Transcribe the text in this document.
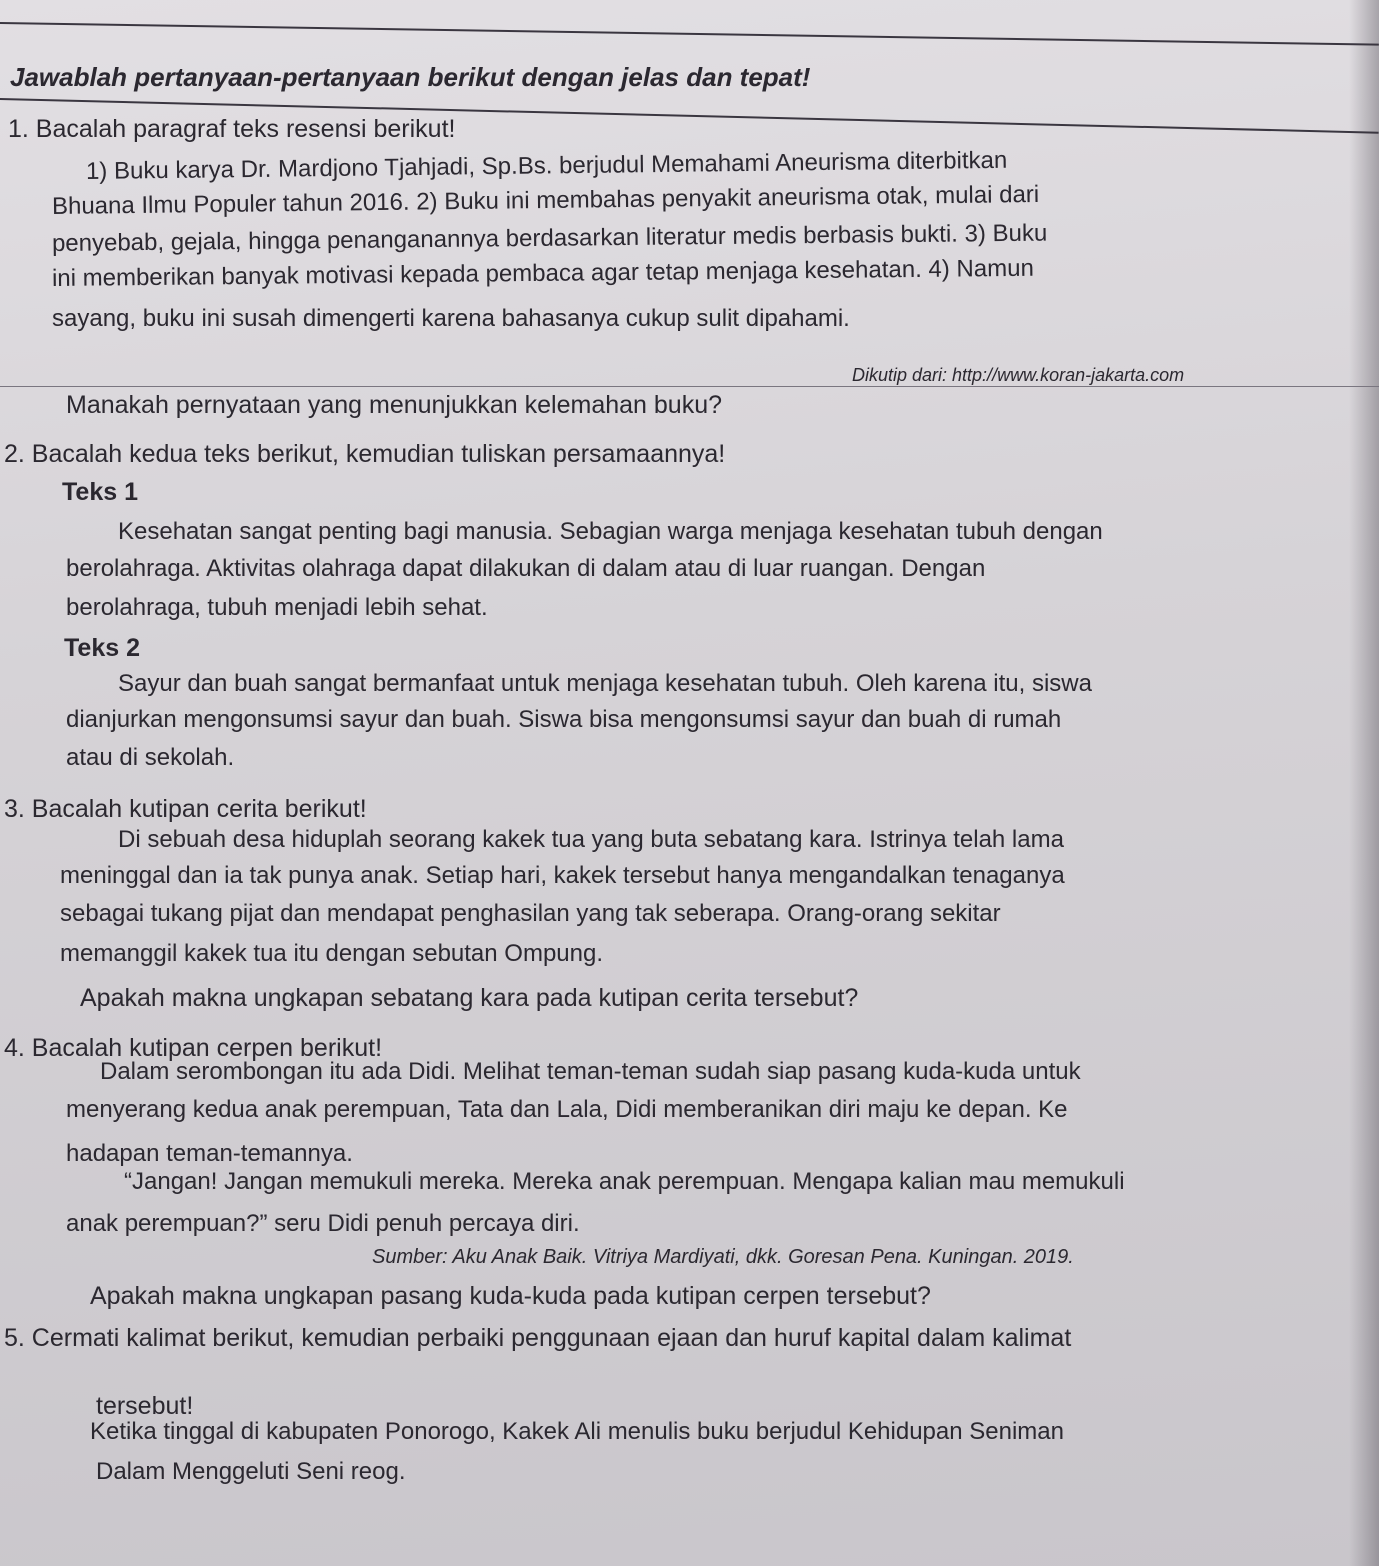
Jawablah pertanyaan-pertanyaan berikut dengan jelas dan tepat!
1. Bacalah paragraf teks resensi berikut!
1) Buku karya Dr. Mardjono Tjahjadi, Sp.Bs. berjudul Memahami Aneurisma diterbitkan
Bhuana Ilmu Populer tahun 2016. 2) Buku ini membahas penyakit aneurisma otak, mulai dari
penyebab, gejala, hingga penanganannya berdasarkan literatur medis berbasis bukti. 3) Buku
ini memberikan banyak motivasi kepada pembaca agar tetap menjaga kesehatan. 4) Namun
sayang, buku ini susah dimengerti karena bahasanya cukup sulit dipahami.
Dikutip dari: http://www.koran-jakarta.com
Manakah pernyataan yang menunjukkan kelemahan buku?
2. Bacalah kedua teks berikut, kemudian tuliskan persamaannya!
Teks 1
Kesehatan sangat penting bagi manusia. Sebagian warga menjaga kesehatan tubuh dengan
berolahraga. Aktivitas olahraga dapat dilakukan di dalam atau di luar ruangan. Dengan
berolahraga, tubuh menjadi lebih sehat.
Teks 2
Sayur dan buah sangat bermanfaat untuk menjaga kesehatan tubuh. Oleh karena itu, siswa
dianjurkan mengonsumsi sayur dan buah. Siswa bisa mengonsumsi sayur dan buah di rumah
atau di sekolah.
3. Bacalah kutipan cerita berikut!
Di sebuah desa hiduplah seorang kakek tua yang buta sebatang kara. Istrinya telah lama
meninggal dan ia tak punya anak. Setiap hari, kakek tersebut hanya mengandalkan tenaganya
sebagai tukang pijat dan mendapat penghasilan yang tak seberapa. Orang-orang sekitar
memanggil kakek tua itu dengan sebutan Ompung.
Apakah makna ungkapan sebatang kara pada kutipan cerita tersebut?
4. Bacalah kutipan cerpen berikut!
Dalam serombongan itu ada Didi. Melihat teman-teman sudah siap pasang kuda-kuda untuk
menyerang kedua anak perempuan, Tata dan Lala, Didi memberanikan diri maju ke depan. Ke
hadapan teman-temannya.
“Jangan! Jangan memukuli mereka. Mereka anak perempuan. Mengapa kalian mau memukuli
anak perempuan?” seru Didi penuh percaya diri.
Sumber: Aku Anak Baik. Vitriya Mardiyati, dkk. Goresan Pena. Kuningan. 2019.
Apakah makna ungkapan pasang kuda-kuda pada kutipan cerpen tersebut?
5. Cermati kalimat berikut, kemudian perbaiki penggunaan ejaan dan huruf kapital dalam kalimat
tersebut!
Ketika tinggal di kabupaten Ponorogo, Kakek Ali menulis buku berjudul Kehidupan Seniman
Dalam Menggeluti Seni reog.
